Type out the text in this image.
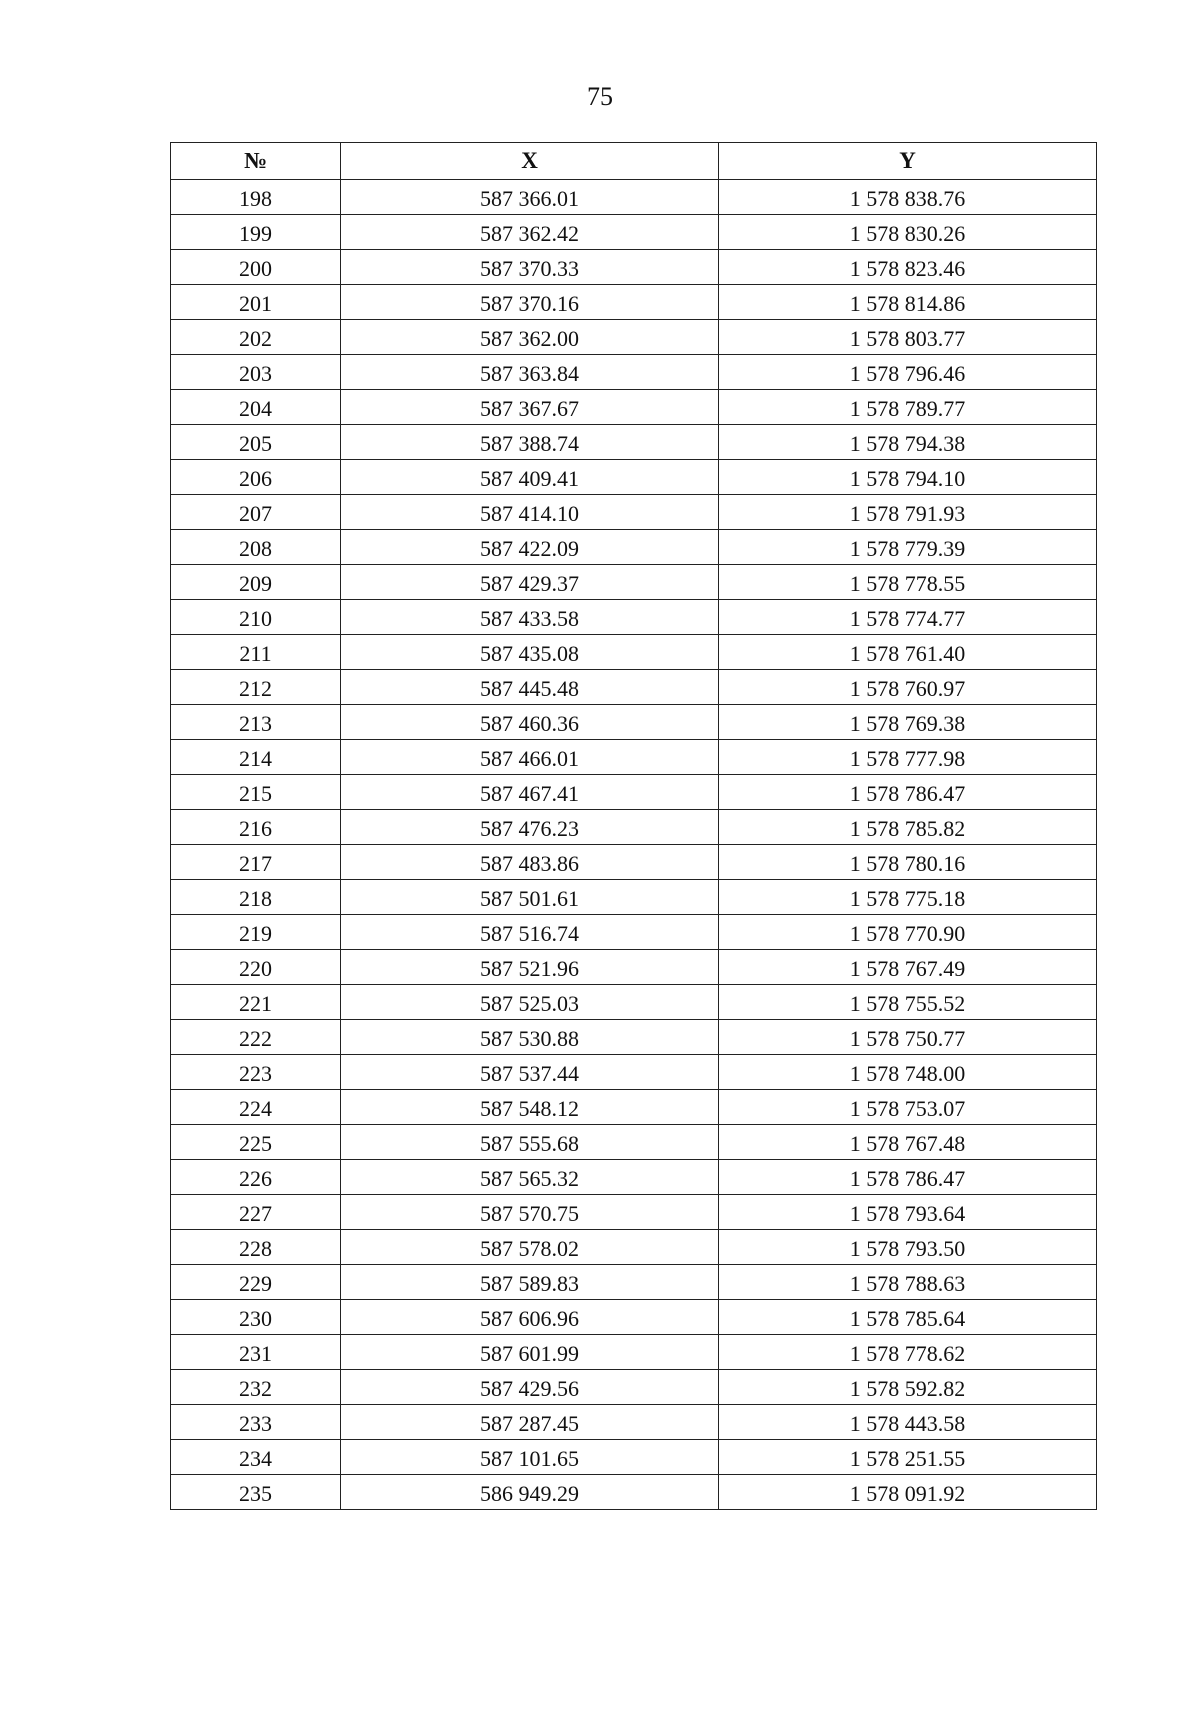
75
№	X	Y
198	587 366.01	1 578 838.76
199	587 362.42	1 578 830.26
200	587 370.33	1 578 823.46
201	587 370.16	1 578 814.86
202	587 362.00	1 578 803.77
203	587 363.84	1 578 796.46
204	587 367.67	1 578 789.77
205	587 388.74	1 578 794.38
206	587 409.41	1 578 794.10
207	587 414.10	1 578 791.93
208	587 422.09	1 578 779.39
209	587 429.37	1 578 778.55
210	587 433.58	1 578 774.77
211	587 435.08	1 578 761.40
212	587 445.48	1 578 760.97
213	587 460.36	1 578 769.38
214	587 466.01	1 578 777.98
215	587 467.41	1 578 786.47
216	587 476.23	1 578 785.82
217	587 483.86	1 578 780.16
218	587 501.61	1 578 775.18
219	587 516.74	1 578 770.90
220	587 521.96	1 578 767.49
221	587 525.03	1 578 755.52
222	587 530.88	1 578 750.77
223	587 537.44	1 578 748.00
224	587 548.12	1 578 753.07
225	587 555.68	1 578 767.48
226	587 565.32	1 578 786.47
227	587 570.75	1 578 793.64
228	587 578.02	1 578 793.50
229	587 589.83	1 578 788.63
230	587 606.96	1 578 785.64
231	587 601.99	1 578 778.62
232	587 429.56	1 578 592.82
233	587 287.45	1 578 443.58
234	587 101.65	1 578 251.55
235	586 949.29	1 578 091.92
